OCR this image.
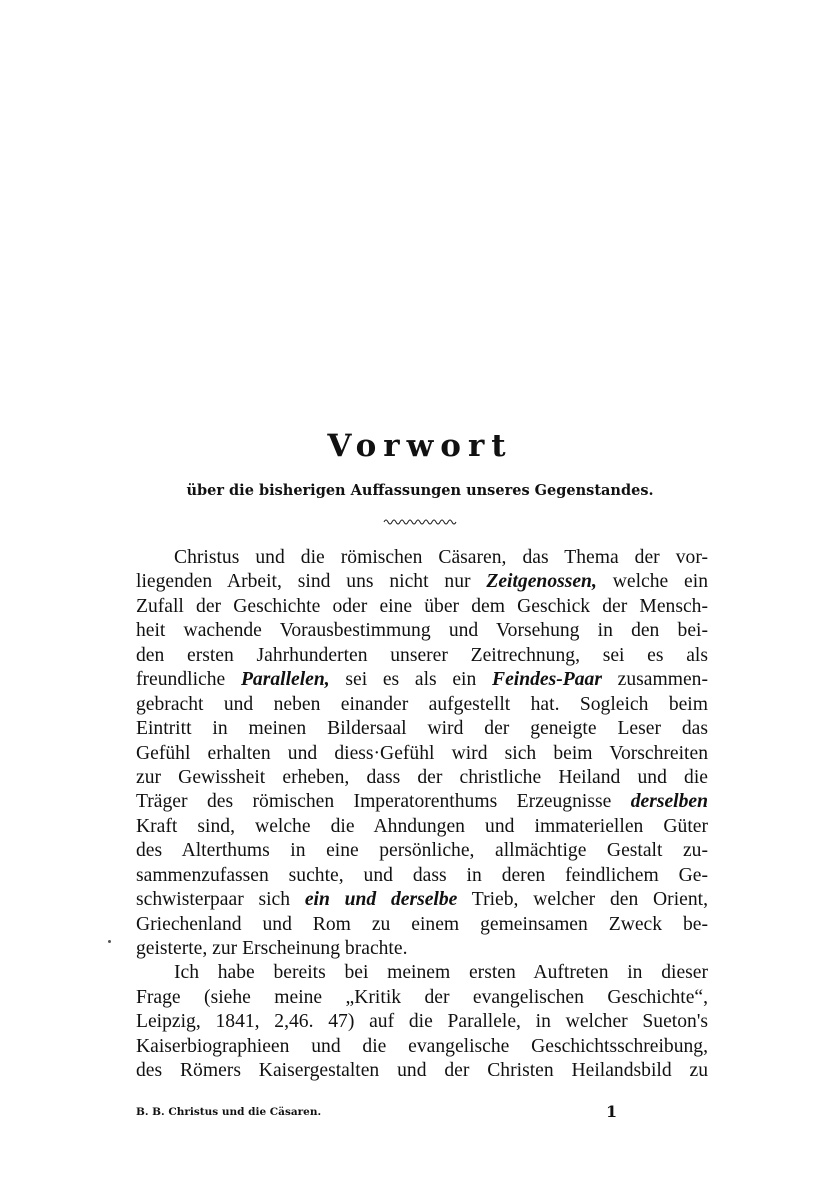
Vorwort
über die bisherigen Auffassungen unseres Gegenstandes.
Christus und die römischen Cäsaren, das Thema der vor-
liegenden Arbeit, sind uns nicht nur Zeitgenossen, welche ein
Zufall der Geschichte oder eine über dem Geschick der Mensch-
heit wachende Vorausbestimmung und Vorsehung in den bei-
den ersten Jahrhunderten unserer Zeitrechnung, sei es als
freundliche Parallelen, sei es als ein Feindes-Paar zusammen-
gebracht und neben einander aufgestellt hat. Sogleich beim
Eintritt in meinen Bildersaal wird der geneigte Leser das
Gefühl erhalten und diess·Gefühl wird sich beim Vorschreiten
zur Gewissheit erheben, dass der christliche Heiland und die
Träger des römischen Imperatorenthums Erzeugnisse derselben
Kraft sind, welche die Ahndungen und immateriellen Güter
des Alterthums in eine persönliche, allmächtige Gestalt zu-
sammenzufassen suchte, und dass in deren feindlichem Ge-
schwisterpaar sich ein und derselbe Trieb, welcher den Orient,
Griechenland und Rom zu einem gemeinsamen Zweck be-
geisterte, zur Erscheinung brachte.
Ich habe bereits bei meinem ersten Auftreten in dieser
Frage (siehe meine „Kritik der evangelischen Geschichte“,
Leipzig, 1841, 2,46. 47) auf die Parallele, in welcher Sueton's
Kaiserbiographieen und die evangelische Geschichtsschreibung,
des Römers Kaisergestalten und der Christen Heilandsbild zu
B. B. Christus und die Cäsaren.	1
